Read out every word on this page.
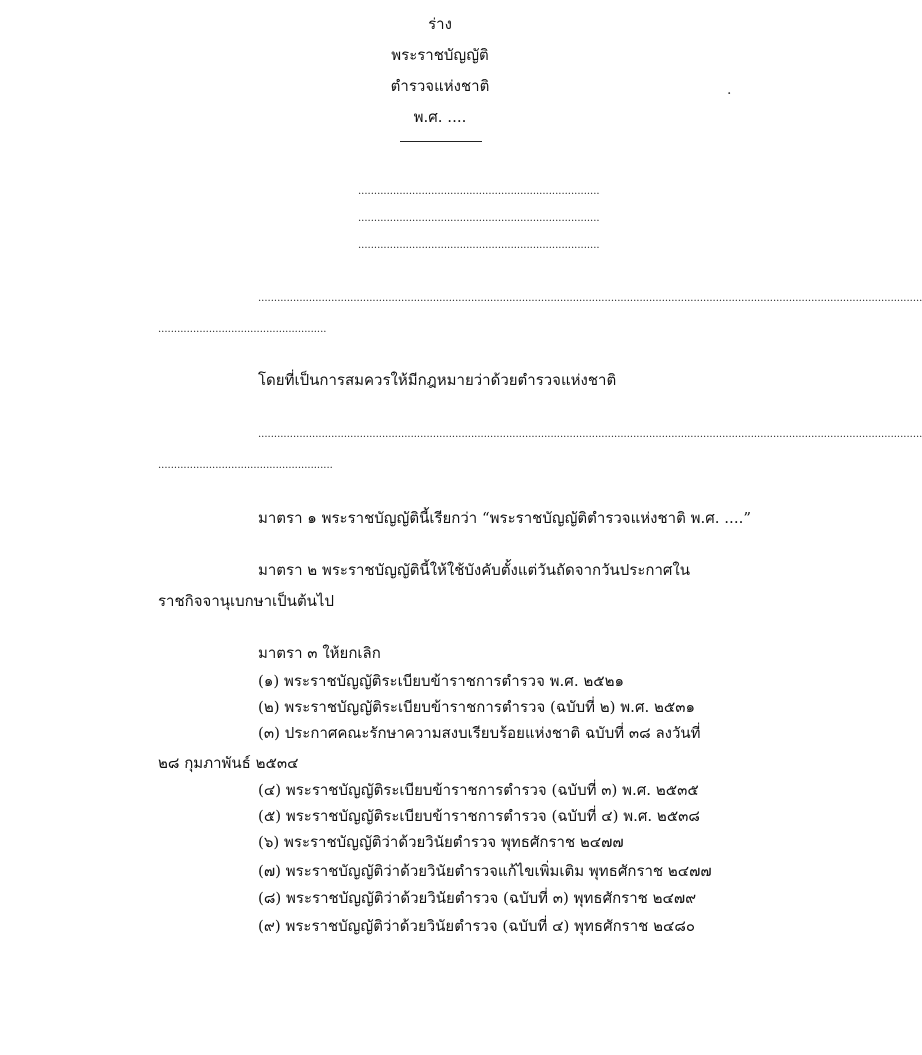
ร่าง
พระราชบัญญัติ
ตำรวจแห่งชาติ
พ.ศ. ....
·
............................................................................
............................................................................
............................................................................
.................................................................................................................................................................................................................
.....................................................
โดยที่เป็นการสมควรให้มีกฎหมายว่าด้วยตำรวจแห่งชาติ
.................................................................................................................................................................................................................
.......................................................
มาตรา ๑ พระราชบัญญัตินี้เรียกว่า “พระราชบัญญัติตำรวจแห่งชาติ พ.ศ. ....”
มาตรา ๒ พระราชบัญญัตินี้ให้ใช้บังคับตั้งแต่วันถัดจากวันประกาศใน
ราชกิจจานุเบกษาเป็นต้นไป
มาตรา ๓ ให้ยกเลิก
(๑) พระราชบัญญัติระเบียบข้าราชการตำรวจ พ.ศ. ๒๕๒๑
(๒) พระราชบัญญัติระเบียบข้าราชการตำรวจ (ฉบับที่ ๒) พ.ศ. ๒๕๓๑
(๓) ประกาศคณะรักษาความสงบเรียบร้อยแห่งชาติ ฉบับที่ ๓๘ ลงวันที่
๒๘ กุมภาพันธ์ ๒๕๓๔
(๔) พระราชบัญญัติระเบียบข้าราชการตำรวจ (ฉบับที่ ๓) พ.ศ. ๒๕๓๕
(๕) พระราชบัญญัติระเบียบข้าราชการตำรวจ (ฉบับที่ ๔) พ.ศ. ๒๕๓๘
(๖) พระราชบัญญัติว่าด้วยวินัยตำรวจ พุทธศักราช ๒๔๗๗
(๗) พระราชบัญญัติว่าด้วยวินัยตำรวจแก้ไขเพิ่มเติม พุทธศักราช ๒๔๗๗
(๘) พระราชบัญญัติว่าด้วยวินัยตำรวจ (ฉบับที่ ๓) พุทธศักราช ๒๔๗๙
(๙) พระราชบัญญัติว่าด้วยวินัยตำรวจ (ฉบับที่ ๔) พุทธศักราช ๒๔๘๐
